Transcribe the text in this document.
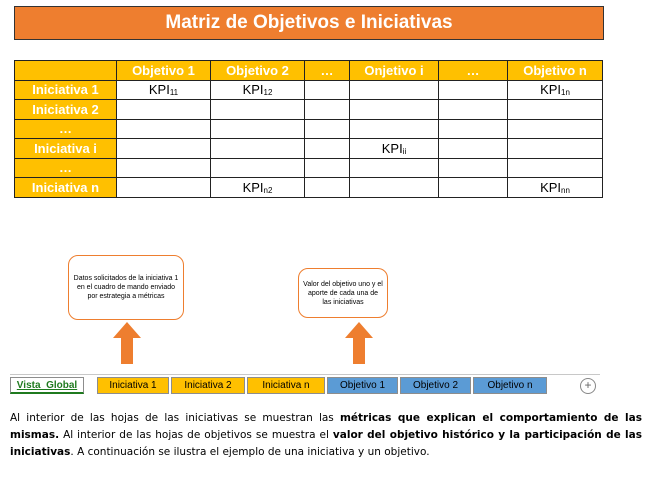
Matriz de Objetivos e Iniciativas
	Objetivo 1	Objetivo 2	…	Onjetivo i	…	Objetivo n
Iniciativa 1	$KPI_{11}$	$KPI_{12}$				$KPI_{1n}$
Iniciativa 2						
…						
Iniciativa i				$KPI_{ii}$		
…						
Iniciativa n		$KPI_{n2}$				$KPI_{nn}$
Datos solicitados de la iniciativa 1 en el cuadro de mando enviado por estrategia a métricas
Valor del objetivo uno y el aporte de cada una de las iniciativas
Vista_Global	Iniciativa 1	Iniciativa 2	Iniciativa n	Objetivo 1	Objetivo 2	Objetivo n	+
Al interior de las hojas de las iniciativas se muestran las métricas que explican el comportamiento de las mismas. Al interior de las hojas de objetivos se muestra el valor del objetivo histórico y la participación de las iniciativas. A continuación se ilustra el ejemplo de una iniciativa y un objetivo.
